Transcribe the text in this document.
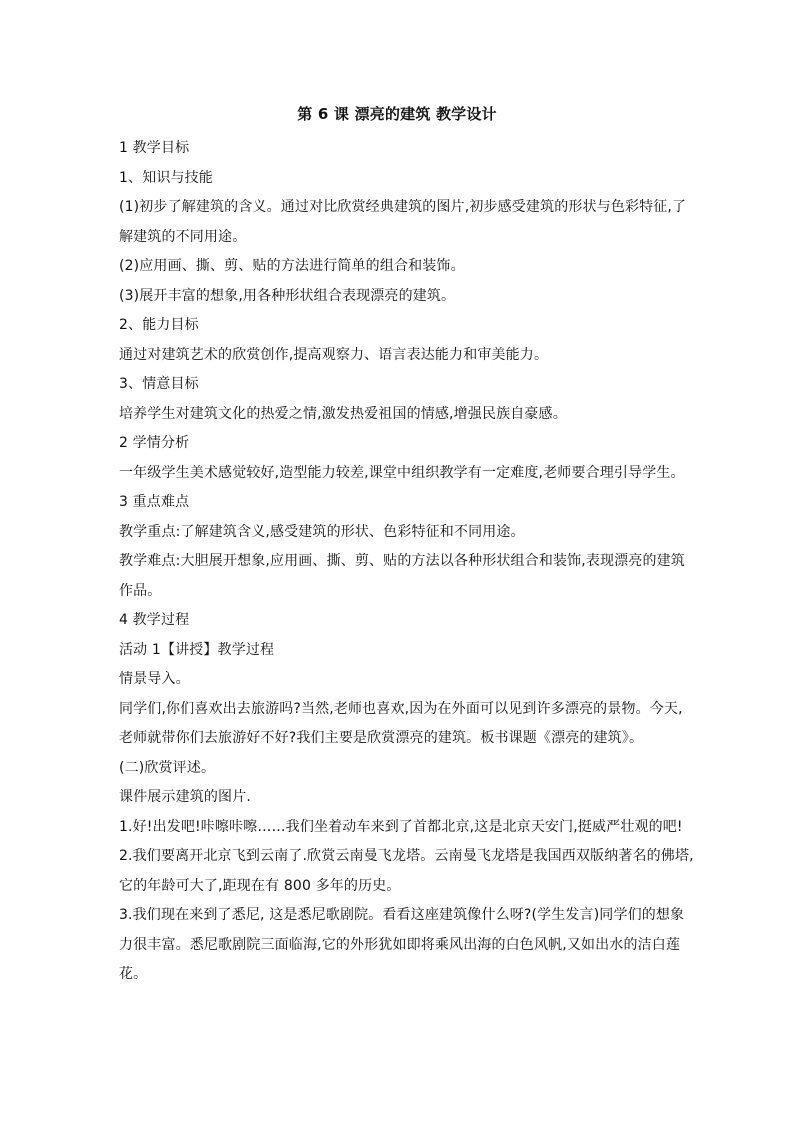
第 6 课 漂亮的建筑 教学设计

1 教学目标

1、知识与技能

(1)初步了解建筑的含义。通过对比欣赏经典建筑的图片,初步感受建筑的形状与色彩特征,了

解建筑的不同用途。

(2)应用画、撕、剪、贴的方法进行简单的组合和装饰。

(3)展开丰富的想象,用各种形状组合表现漂亮的建筑。

2、能力目标

通过对建筑艺术的欣赏创作,提高观察力、语言表达能力和审美能力。

3、情意目标

培养学生对建筑文化的热爱之情,激发热爱祖国的情感,增强民族自豪感。

2 学情分析

一年级学生美术感觉较好,造型能力较差,课堂中组织教学有一定难度,老师要合理引导学生。

3 重点难点

教学重点:了解建筑含义,感受建筑的形状、色彩特征和不同用途。

教学难点:大胆展开想象,应用画、撕、剪、贴的方法以各种形状组合和装饰,表现漂亮的建筑

作品。

4 教学过程

活动 1【讲授】教学过程

情景导入。

同学们,你们喜欢出去旅游吗?当然,老师也喜欢,因为在外面可以见到许多漂亮的景物。今天,

老师就带你们去旅游好不好?我们主要是欣赏漂亮的建筑。板书课题《漂亮的建筑》。

(二)欣赏评述。

课件展示建筑的图片.

1.好!出发吧!咔嚓咔嚓……我们坐着动车来到了首都北京,这是北京天安门,挺威严壮观的吧!

2.我们要离开北京飞到云南了.欣赏云南曼飞龙塔。云南曼飞龙塔是我国西双版纳著名的佛塔,

它的年龄可大了,距现在有 800 多年的历史。

3.我们现在来到了悉尼, 这是悉尼歌剧院。看看这座建筑像什么呀?(学生发言)同学们的想象

力很丰富。悉尼歌剧院三面临海,它的外形犹如即将乘风出海的白色风帆,又如出水的洁白莲

花。
